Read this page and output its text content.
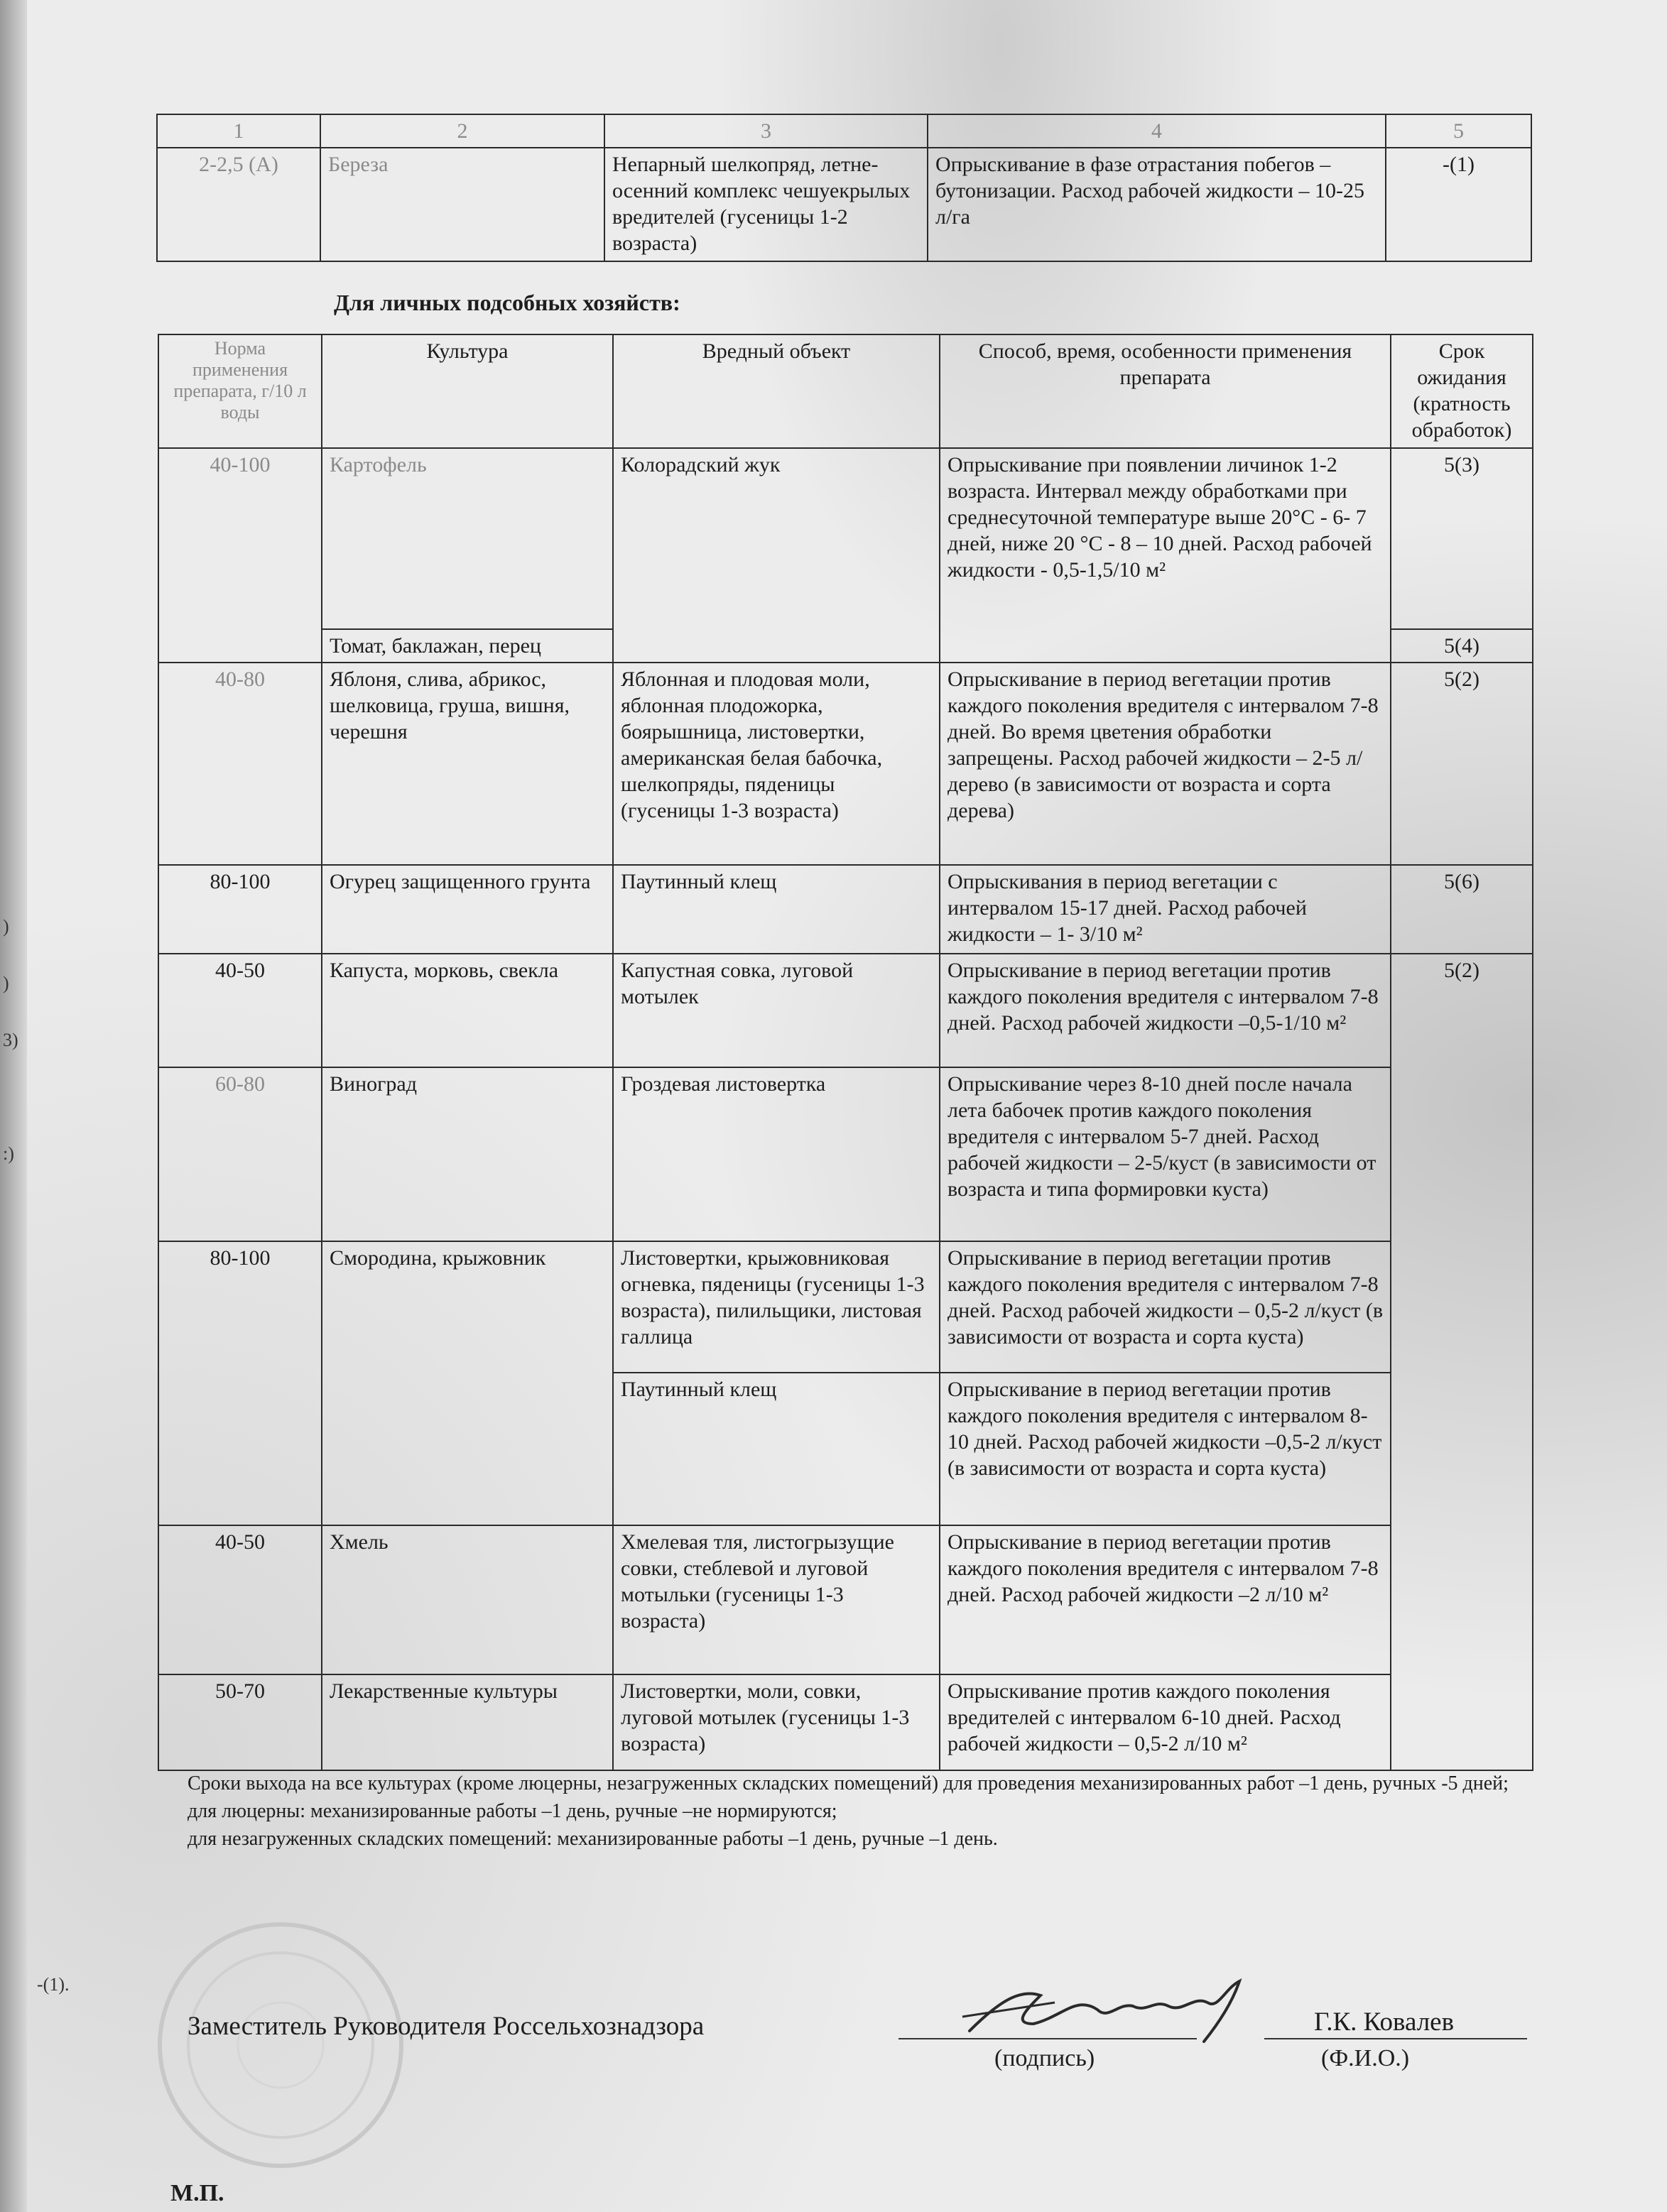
)
)
3)
:)
-(1).
1	2	3	4	5
2-2,5 (А)	Береза	Непарный шелкопряд, летне-осенний комплекс чешуекрылых вредителей (гусеницы 1-2 возраста)	Опрыскивание в фазе отрастания побегов – бутонизации. Расход рабочей жидкости – 10-25 л/га	-(1)
Для личных подсобных хозяйств:
Норма применения препарата, г/10 л воды	Культура	Вредный объект	Способ, время, особенности применения препарата	Срок ожидания (кратность обработок)
40-100	Картофель	Колорадский жук	Опрыскивание при появлении личинок 1-2 возраста. Интервал между обработками при среднесуточной температуре выше 20°С - 6- 7 дней, ниже 20 °С - 8 – 10 дней. Расход рабочей жидкости - 0,5-1,5/10 м²	5(3)
	Томат, баклажан, перец			5(4)
40-80	Яблоня, слива, абрикос, шелковица, груша, вишня, черешня	Яблонная и плодовая моли, яблонная плодожорка, боярышница, листовертки, американская белая бабочка, шелкопряды, пяденицы (гусеницы 1-3 возраста)	Опрыскивание в период вегетации против каждого поколения вредителя с интервалом 7-8 дней. Во время цветения обработки запрещены. Расход рабочей жидкости – 2-5 л/дерево (в зависимости от возраста и сорта дерева)	5(2)
80-100	Огурец защищенного грунта	Паутинный клещ	Опрыскивания в период вегетации с интервалом 15-17 дней. Расход рабочей жидкости – 1- 3/10 м²	5(6)
40-50	Капуста, морковь, свекла	Капустная совка, луговой мотылек	Опрыскивание в период вегетации против каждого поколения вредителя с интервалом 7-8 дней. Расход рабочей жидкости –0,5-1/10 м²	5(2)
60-80	Виноград	Гроздевая листовертка	Опрыскивание через 8-10 дней после начала лета бабочек против каждого поколения вредителя с интервалом 5-7 дней. Расход рабочей жидкости – 2-5/куст (в зависимости от возраста и типа формировки куста)	
80-100	Смородина, крыжовник	Листовертки, крыжовниковая огневка, пяденицы (гусеницы 1-3 возраста), пилильщики, листовая галлица	Опрыскивание в период вегетации против каждого поколения вредителя с интервалом 7-8 дней. Расход рабочей жидкости – 0,5-2 л/куст (в зависимости от возраста и сорта куста)	
		Паутинный клещ	Опрыскивание в период вегетации против каждого поколения вредителя с интервалом 8-10 дней. Расход рабочей жидкости –0,5-2 л/куст (в зависимости от возраста и сорта куста)	
40-50	Хмель	Хмелевая тля, листогрызущие совки, стеблевой и луговой мотыльки (гусеницы 1-3 возраста)	Опрыскивание в период вегетации против каждого поколения вредителя с интервалом 7-8 дней. Расход рабочей жидкости –2 л/10 м²	
50-70	Лекарственные культуры	Листовертки, моли, совки, луговой мотылек (гусеницы 1-3 возраста)	Опрыскивание против каждого поколения вредителей с интервалом 6-10 дней. Расход рабочей жидкости – 0,5-2 л/10 м²	
Сроки выхода на все культурах (кроме люцерны, незагруженных складских помещений) для проведения механизированных работ –1 день, ручных -5 дней;
для люцерны: механизированные работы –1 день, ручные –не нормируются;
для незагруженных складских помещений: механизированные работы –1 день, ручные –1 день.
Заместитель Руководителя Россельхознадзора
(подпись)
Г.К. Ковалев
(Ф.И.О.)
М.П.
